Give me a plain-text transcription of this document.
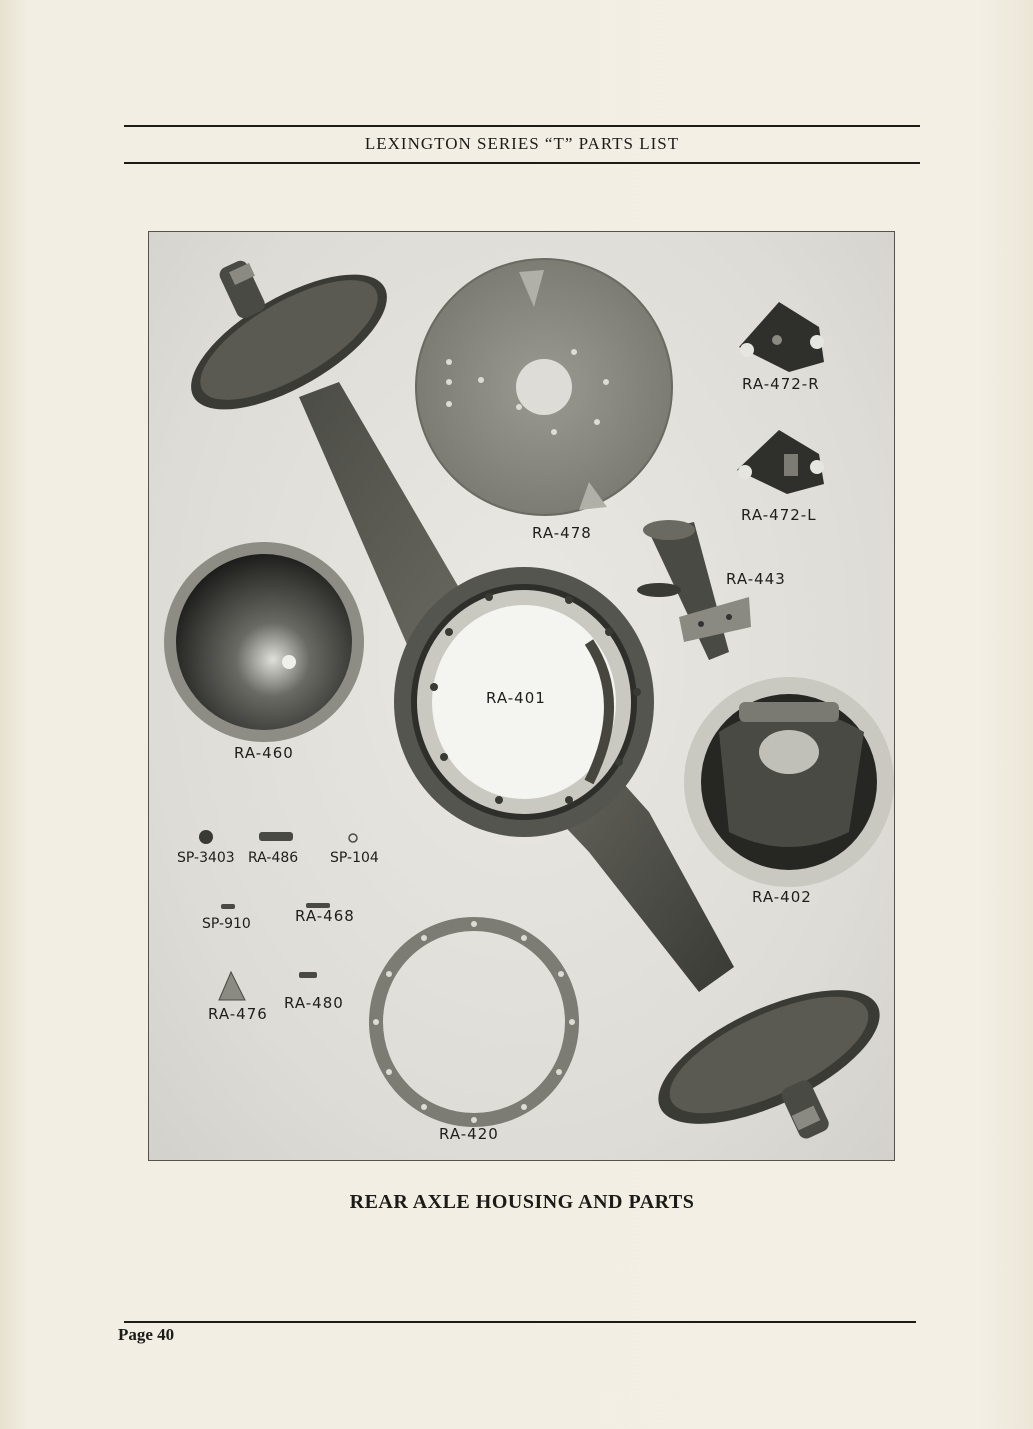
LEXINGTON SERIES “T” PARTS LIST
RA-472-R
RA-472-L
RA-478
RA-443
RA-401
RA-460
RA-402
SP-3403 RA-486 SP-104
SP-910	RA-468
RA-476
RA-480
RA-420
REAR AXLE HOUSING AND PARTS
Page 40
